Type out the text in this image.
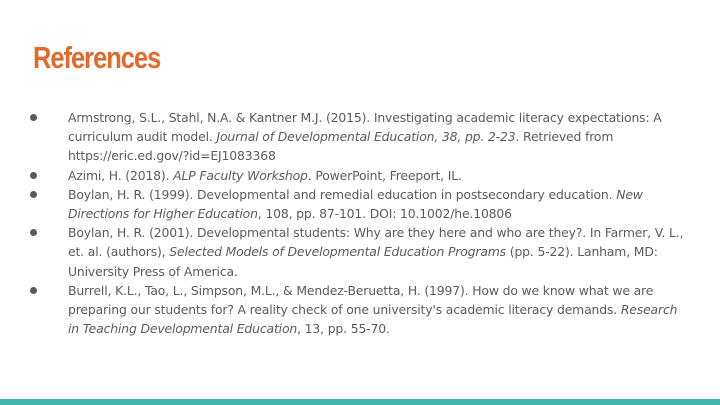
References
Armstrong, S.L., Stahl, N.A. & Kantner M.J. (2015). Investigating academic literacy expectations: A curriculum audit model. Journal of Developmental Education, 38, pp. 2-23. Retrieved from https://eric.ed.gov/?id=EJ1083368
Azimi, H. (2018). ALP Faculty Workshop. PowerPoint, Freeport, IL.
Boylan, H. R. (1999). Developmental and remedial education in postsecondary education. New Directions for Higher Education, 108, pp. 87-101. DOI: 10.1002/he.10806
Boylan, H. R. (2001). Developmental students: Why are they here and who are they?. In Farmer, V. L., et. al. (authors), Selected Models of Developmental Education Programs (pp. 5-22). Lanham, MD: University Press of America.
Burrell, K.L., Tao, L., Simpson, M.L., & Mendez-Beruetta, H. (1997). How do we know what we are preparing our students for? A reality check of one university's academic literacy demands. Research in Teaching Developmental Education, 13, pp. 55-70.
